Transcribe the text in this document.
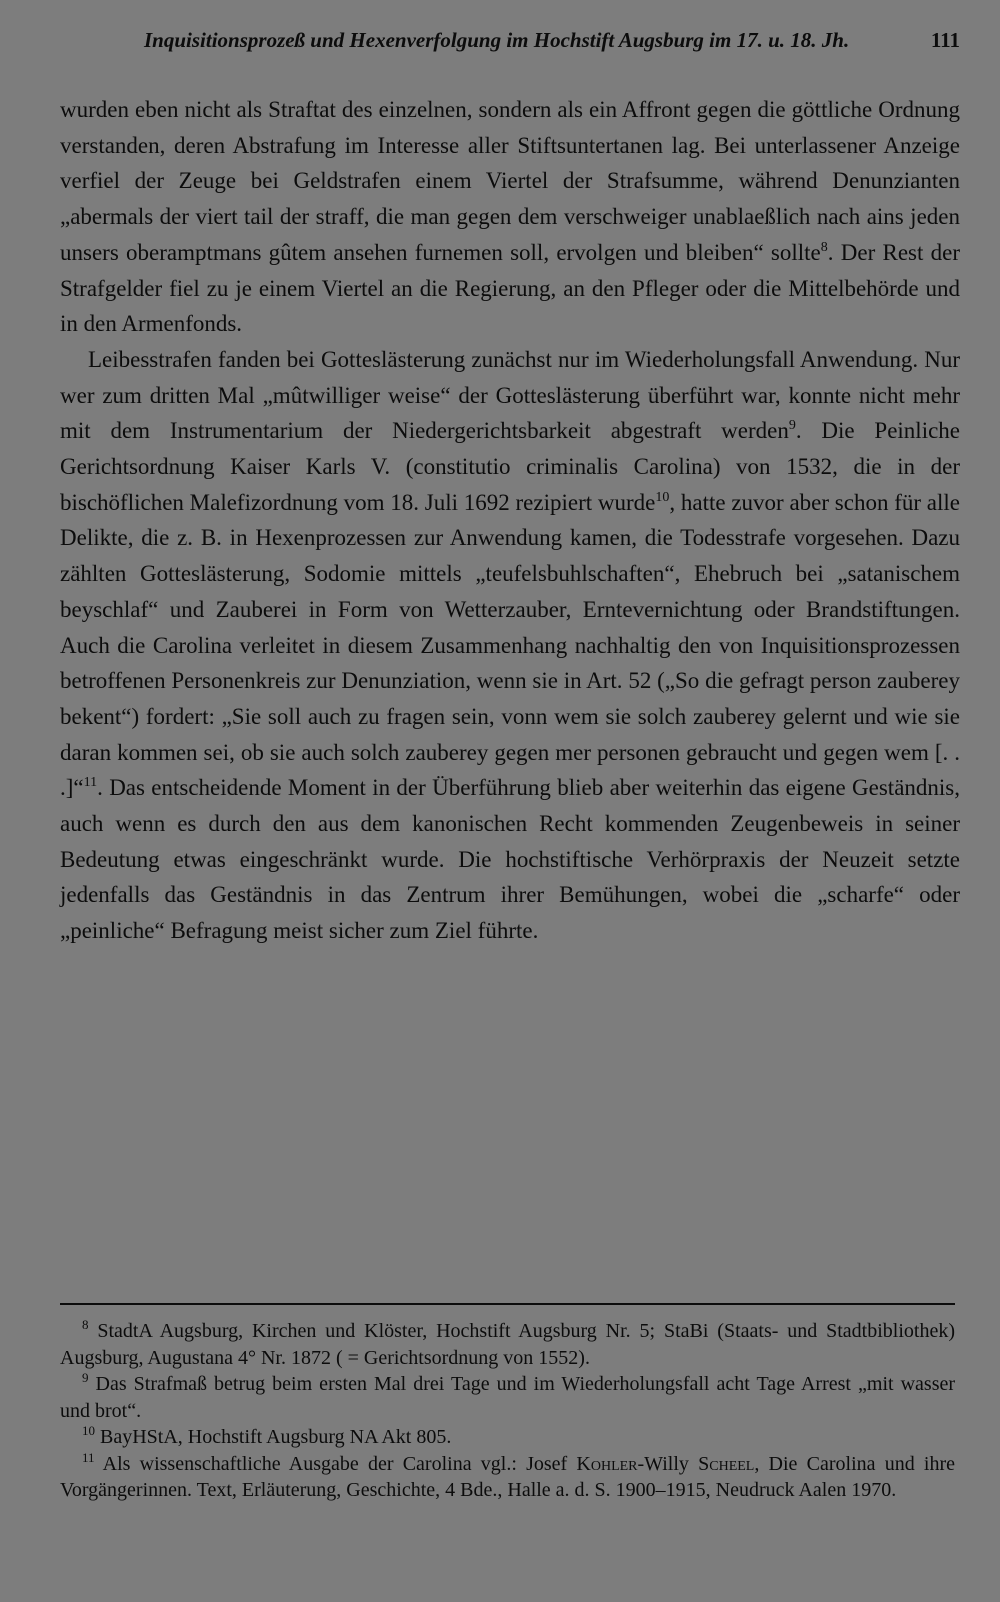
Inquisitionsprozeß und Hexenverfolgung im Hochstift Augsburg im 17. u. 18. Jh.	111

wurden eben nicht als Straftat des einzelnen, sondern als ein Affront gegen die göttliche Ordnung verstanden, deren Abstrafung im Interesse aller Stiftsuntertanen lag. Bei unterlassener Anzeige verfiel der Zeuge bei Geldstrafen einem Viertel der Strafsumme, während Denunzianten „abermals der viert tail der straff, die man gegen dem verschweiger unablaeßlich nach ains jeden unsers oberamptmans gûtem ansehen furnemen soll, ervolgen und bleiben“ sollte$^8$. Der Rest der Strafgelder fiel zu je einem Viertel an die Regierung, an den Pfleger oder die Mittelbehörde und in den Armenfonds.

Leibesstrafen fanden bei Gotteslästerung zunächst nur im Wiederholungsfall Anwendung. Nur wer zum dritten Mal „mûtwilliger weise“ der Gotteslästerung überführt war, konnte nicht mehr mit dem Instrumentarium der Niedergerichtsbarkeit abgestraft werden$^9$. Die Peinliche Gerichtsordnung Kaiser Karls V. (constitutio criminalis Carolina) von 1532, die in der bischöflichen Malefizordnung vom 18. Juli 1692 rezipiert wurde$^{10}$, hatte zuvor aber schon für alle Delikte, die z. B. in Hexenprozessen zur Anwendung kamen, die Todesstrafe vorgesehen. Dazu zählten Gotteslästerung, Sodomie mittels „teufelsbuhlschaften“, Ehebruch bei „satanischem beyschlaf“ und Zauberei in Form von Wetterzauber, Erntevernichtung oder Brandstiftungen. Auch die Carolina verleitet in diesem Zusammenhang nachhaltig den von Inquisitionsprozessen betroffenen Personenkreis zur Denunziation, wenn sie in Art. 52 („So die gefragt person zauberey bekent“) fordert: „Sie soll auch zu fragen sein, vonn wem sie solch zauberey gelernt und wie sie daran kommen sei, ob sie auch solch zauberey gegen mer personen gebraucht und gegen wem [. . .]“$^{11}$. Das entscheidende Moment in der Überführung blieb aber weiterhin das eigene Geständnis, auch wenn es durch den aus dem kanonischen Recht kommenden Zeugenbeweis in seiner Bedeutung etwas eingeschränkt wurde. Die hochstiftische Verhörpraxis der Neuzeit setzte jedenfalls das Geständnis in das Zentrum ihrer Bemühungen, wobei die „scharfe“ oder „peinliche“ Befragung meist sicher zum Ziel führte.

$^8$ StadtA Augsburg, Kirchen und Klöster, Hochstift Augsburg Nr. 5; StaBi (Staats- und Stadtbibliothek) Augsburg, Augustana 4° Nr. 1872 ( = Gerichtsordnung von 1552).

$^9$ Das Strafmaß betrug beim ersten Mal drei Tage und im Wiederholungsfall acht Tage Arrest „mit wasser und brot“.

$^{10}$ BayHStA, Hochstift Augsburg NA Akt 805.

$^{11}$ Als wissenschaftliche Ausgabe der Carolina vgl.: Josef Kohler-Willy Scheel, Die Carolina und ihre Vorgängerinnen. Text, Erläuterung, Geschichte, 4 Bde., Halle a. d. S. 1900–1915, Neudruck Aalen 1970.
